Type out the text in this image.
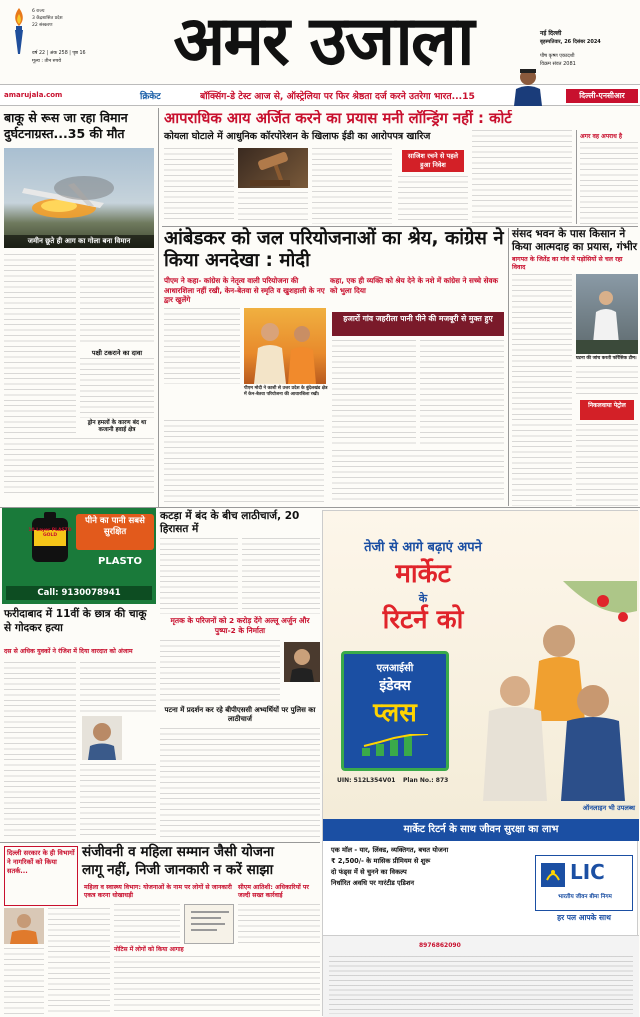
6 राज्य
3 केंद्रशासित प्रदेश
22 संस्करण
वर्ष 22 | अंक 258 | पृष्ठ 16
मूल्य : तीन रुपये	अमर उजाला	नई दिल्ली
बृहस्पतिवार, 26 दिसंबर 2024
पौष कृष्ण एकादशी
विक्रम संवत 2081
amarujala.com	क्रिकेट	बॉक्सिंग-डे टेस्ट आज से, ऑस्ट्रेलिया पर फिर श्रेष्ठता दर्ज करने उतरेगा भारत...15	दिल्ली-एनसीआर
बाकू से रूस जा रहा विमान दुर्घटनाग्रस्त...35 की मौत
जमीन छूते ही आग का गोला बना विमान
पक्षी टकराने का दावा
ड्रोन हमलों के कारण बंद था कजानी हवाई क्षेत्र
10 Layer PLASTO GOLD
पीने का पानी सबसे सुरक्षित
PLASTO
Call: 9130078941
आपराधिक आय अर्जित करने का प्रयास मनी लॉन्ड्रिंग नहीं : कोर्ट
कोयला घोटाले में आधुनिक कॉरपोरेशन के खिलाफ ईडी का आरोपपत्र खारिज
साजिश रचने से पहले हुआ निवेश
अगर वह अपराध है
आंबेडकर को जल परियोजनाओं का श्रेय, कांग्रेस ने किया अनदेखा : मोदी
पीएम ने कहा- कांग्रेस के नेतृत्व वाली परियोजना की आधारशिला नहीं रखी, केन-बेतवा से स्मृति व खुशहाली के नए द्वार खुलेंगे
कहा, एक ही व्यक्ति को श्रेय देने के नशे में कांग्रेस ने सच्चे सेवक को भुला दिया
पीएम मोदी ने काशी से उत्तर प्रदेश के बुंदेलखंड क्षेत्र में केन-बेतवा परियोजना की आधारशिला रखी।
हजारों गांव जहरीला पानी पीने की मजबूरी से मुक्त हुए
संसद भवन के पास किसान ने किया आत्मदाह का प्रयास, गंभीर
बागपत के जितेंद्र का गांव में पड़ोसियों से चल रहा विवाद
घटना की जांच करती फॉरेंसिक टीम।
निकलवाया पेट्रोल
कटड़ा में बंद के बीच लाठीचार्ज, 20 हिरासत में
मृतक के परिजनों को 2 करोड़ देंगे अल्लू अर्जुन और पुष्पा-2 के निर्माता
पटना में प्रदर्शन कर रहे बीपीएससी अभ्यर्थियों पर पुलिस का लाठीचार्ज
फरीदाबाद में 11वीं के छात्र की चाकू से गोदकर हत्या
दस से अधिक युवकों ने रंजिश में दिया वारदात को अंजाम
तेजी से आगे बढ़ाएं अपने
मार्केट
के
रिटर्न को
एलआईसी
इंडेक्स
प्लस
UIN: 512L354V01 Plan No.: 873
ऑनलाइन भी उपलब्ध
मार्केट रिटर्न के साथ जीवन सुरक्षा का लाभ
एक मॉल - यार, लिंक्ड, व्यक्तिगत, बचत योजना
₹ 2,500/- के मासिक प्रीमियम से शुरू
दो फंड्स में से चुनने का विकल्प
निर्धारित अवधि पर गारंटीड एडिशन	LIC
भारतीय जीवन बीमा निगम
हर पल आपके साथ
8976862090
दिल्ली सरकार के ही विभागों ने नागरिकों को किया सतर्क...
संजीवनी व महिला सम्मान जैसी योजना
लागू नहीं, निजी जानकारी न करें साझा
महिला व स्वास्थ्य विभाग: योजनाओं के नाम पर लोगों से जानकारी एकत्र करना धोखाधड़ी
सीएम आतिशी: अधिकारियों पर जल्दी सख्त कार्रवाई
नोटिस में लोगों को किया आगाह
